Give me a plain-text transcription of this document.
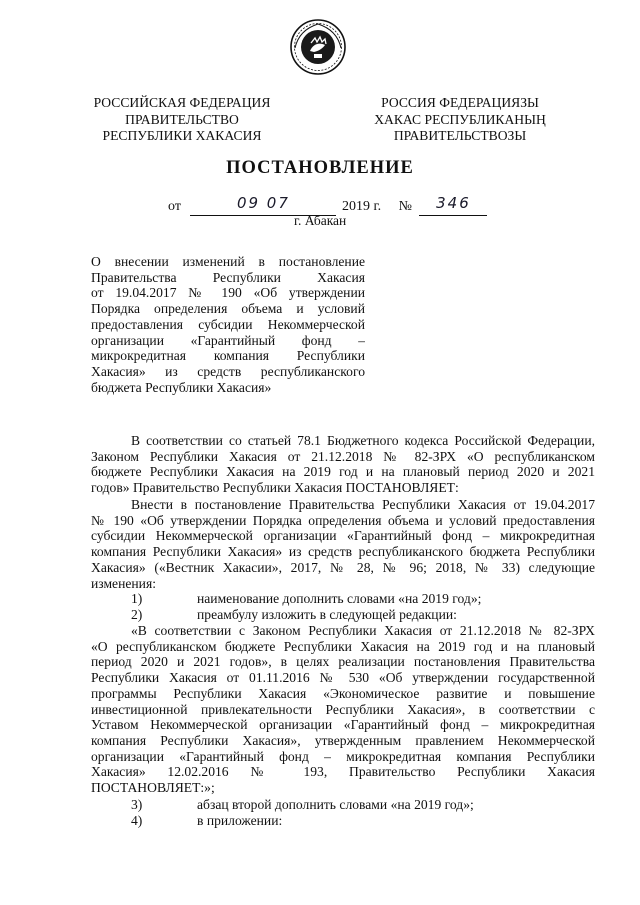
РОССИЙСКАЯ ФЕДЕРАЦИЯ
ПРАВИТЕЛЬСТВО
РЕСПУБЛИКИ ХАКАСИЯ
РОССИЯ ФЕДЕРАЦИЯЗЫ
ХАКАС РЕСПУБЛИКАНЫҢ
ПРАВИТЕЛЬСТВОЗЫ
ПОСТАНОВЛЕНИЕ
от	09 07	2019 г. № 346
г. Абакан
О внесении изменений в постановление
Правительства Республики Хакасия
от 19.04.2017 № 190 «Об утверждении
Порядка определения объема и условий
предоставления субсидии Некоммерческой
организации «Гарантийный фонд –
микрокредитная компания Республики
Хакасия» из средств республиканского
бюджета Республики Хакасия»
В соответствии со статьей 78.1 Бюджетного кодекса Российской Федерации,
Законом Республики Хакасия от 21.12.2018 № 82-ЗРХ «О республиканском
бюджете Республики Хакасия на 2019 год и на плановый период 2020 и 2021
годов» Правительство Республики Хакасия ПОСТАНОВЛЯЕТ:
Внести в постановление Правительства Республики Хакасия от 19.04.2017
№ 190 «Об утверждении Порядка определения объема и условий предоставления
субсидии Некоммерческой организации «Гарантийный фонд – микрокредитная
компания Республики Хакасия» из средств республиканского бюджета Республики
Хакасия» («Вестник Хакасии», 2017, № 28, № 96; 2018, № 33) следующие
изменения:
1)	наименование дополнить словами «на 2019 год»;
2)	преамбулу изложить в следующей редакции:
«В соответствии с Законом Республики Хакасия от 21.12.2018 № 82-ЗРХ
«О республиканском бюджете Республики Хакасия на 2019 год и на плановый
период 2020 и 2021 годов», в целях реализации постановления Правительства
Республики Хакасия от 01.11.2016 № 530 «Об утверждении государственной
программы Республики Хакасия «Экономическое развитие и повышение
инвестиционной привлекательности Республики Хакасия», в соответствии с
Уставом Некоммерческой организации «Гарантийный фонд – микрокредитная
компания Республики Хакасия», утвержденным правлением Некоммерческой
организации «Гарантийный фонд – микрокредитная компания Республики
Хакасия» 12.02.2016 № 193, Правительство Республики Хакасия
ПОСТАНОВЛЯЕТ:»;
3)	абзац второй дополнить словами «на 2019 год»;
4)	в приложении:
